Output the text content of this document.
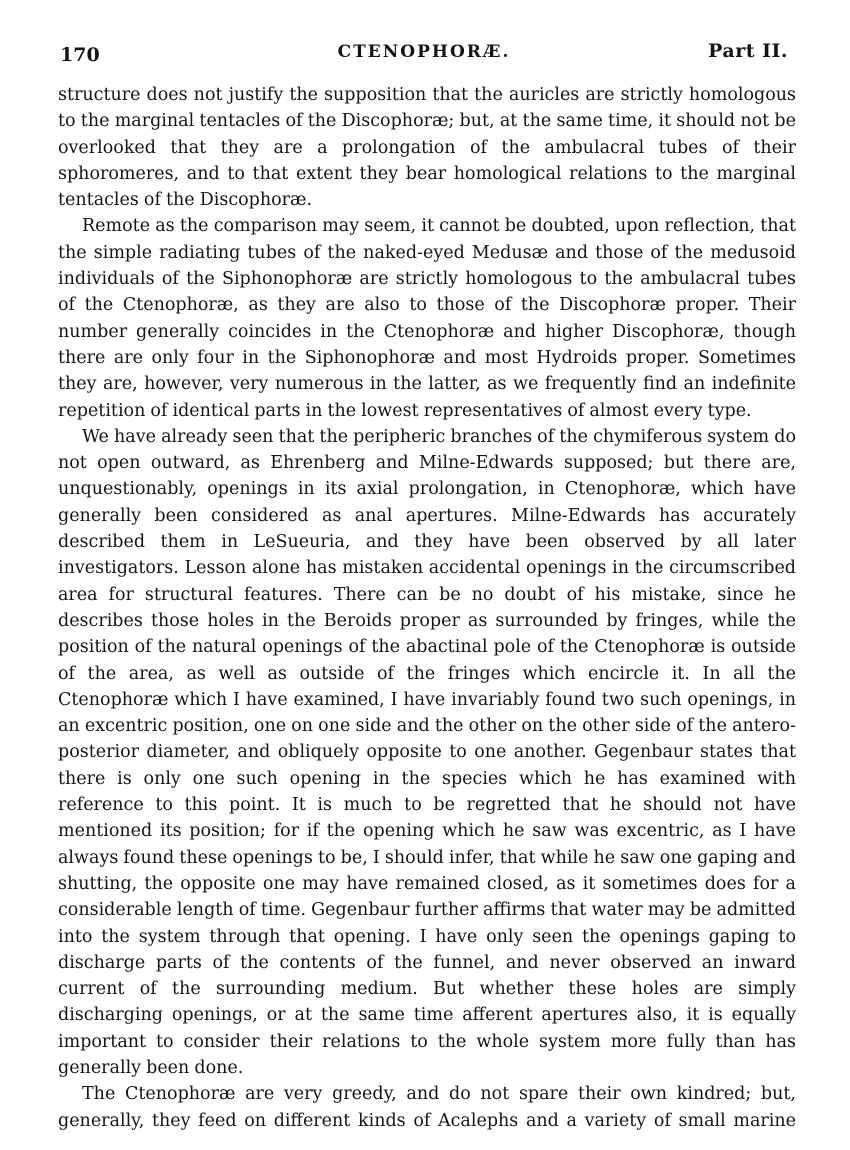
170	CTENOPHORÆ.	Part II.

structure does not justify the supposition that the auricles are strictly homologous to the marginal tentacles of the Discophoræ; but, at the same time, it should not be overlooked that they are a prolongation of the ambulacral tubes of their sphoromeres, and to that extent they bear homological relations to the marginal tentacles of the Discophoræ.

Remote as the comparison may seem, it cannot be doubted, upon reflection, that the simple radiating tubes of the naked-eyed Medusæ and those of the medusoid individuals of the Siphonophoræ are strictly homologous to the ambulacral tubes of the Ctenophoræ, as they are also to those of the Discophoræ proper. Their number generally coincides in the Ctenophoræ and higher Discophoræ, though there are only four in the Siphonophoræ and most Hydroids proper. Sometimes they are, however, very numerous in the latter, as we frequently find an indefinite repetition of identical parts in the lowest representatives of almost every type.

We have already seen that the peripheric branches of the chymiferous system do not open outward, as Ehrenberg and Milne-Edwards supposed; but there are, unquestionably, openings in its axial prolongation, in Ctenophoræ, which have generally been considered as anal apertures. Milne-Edwards has accurately described them in LeSueuria, and they have been observed by all later investigators. Lesson alone has mistaken accidental openings in the circumscribed area for structural features. There can be no doubt of his mistake, since he describes those holes in the Beroids proper as surrounded by fringes, while the position of the natural openings of the abactinal pole of the Ctenophoræ is outside of the area, as well as outside of the fringes which encircle it. In all the Ctenophoræ which I have examined, I have invariably found two such openings, in an excentric position, one on one side and the other on the other side of the antero-posterior diameter, and obliquely opposite to one another. Gegenbaur states that there is only one such opening in the species which he has examined with reference to this point. It is much to be regretted that he should not have mentioned its position; for if the opening which he saw was excentric, as I have always found these openings to be, I should infer, that while he saw one gaping and shutting, the opposite one may have remained closed, as it sometimes does for a considerable length of time. Gegenbaur further affirms that water may be admitted into the system through that opening. I have only seen the openings gaping to discharge parts of the contents of the funnel, and never observed an inward current of the surrounding medium. But whether these holes are simply discharging openings, or at the same time afferent apertures also, it is equally important to consider their relations to the whole system more fully than has generally been done.

The Ctenophoræ are very greedy, and do not spare their own kindred; but, generally, they feed on different kinds of Acalephs and a variety of small marine
